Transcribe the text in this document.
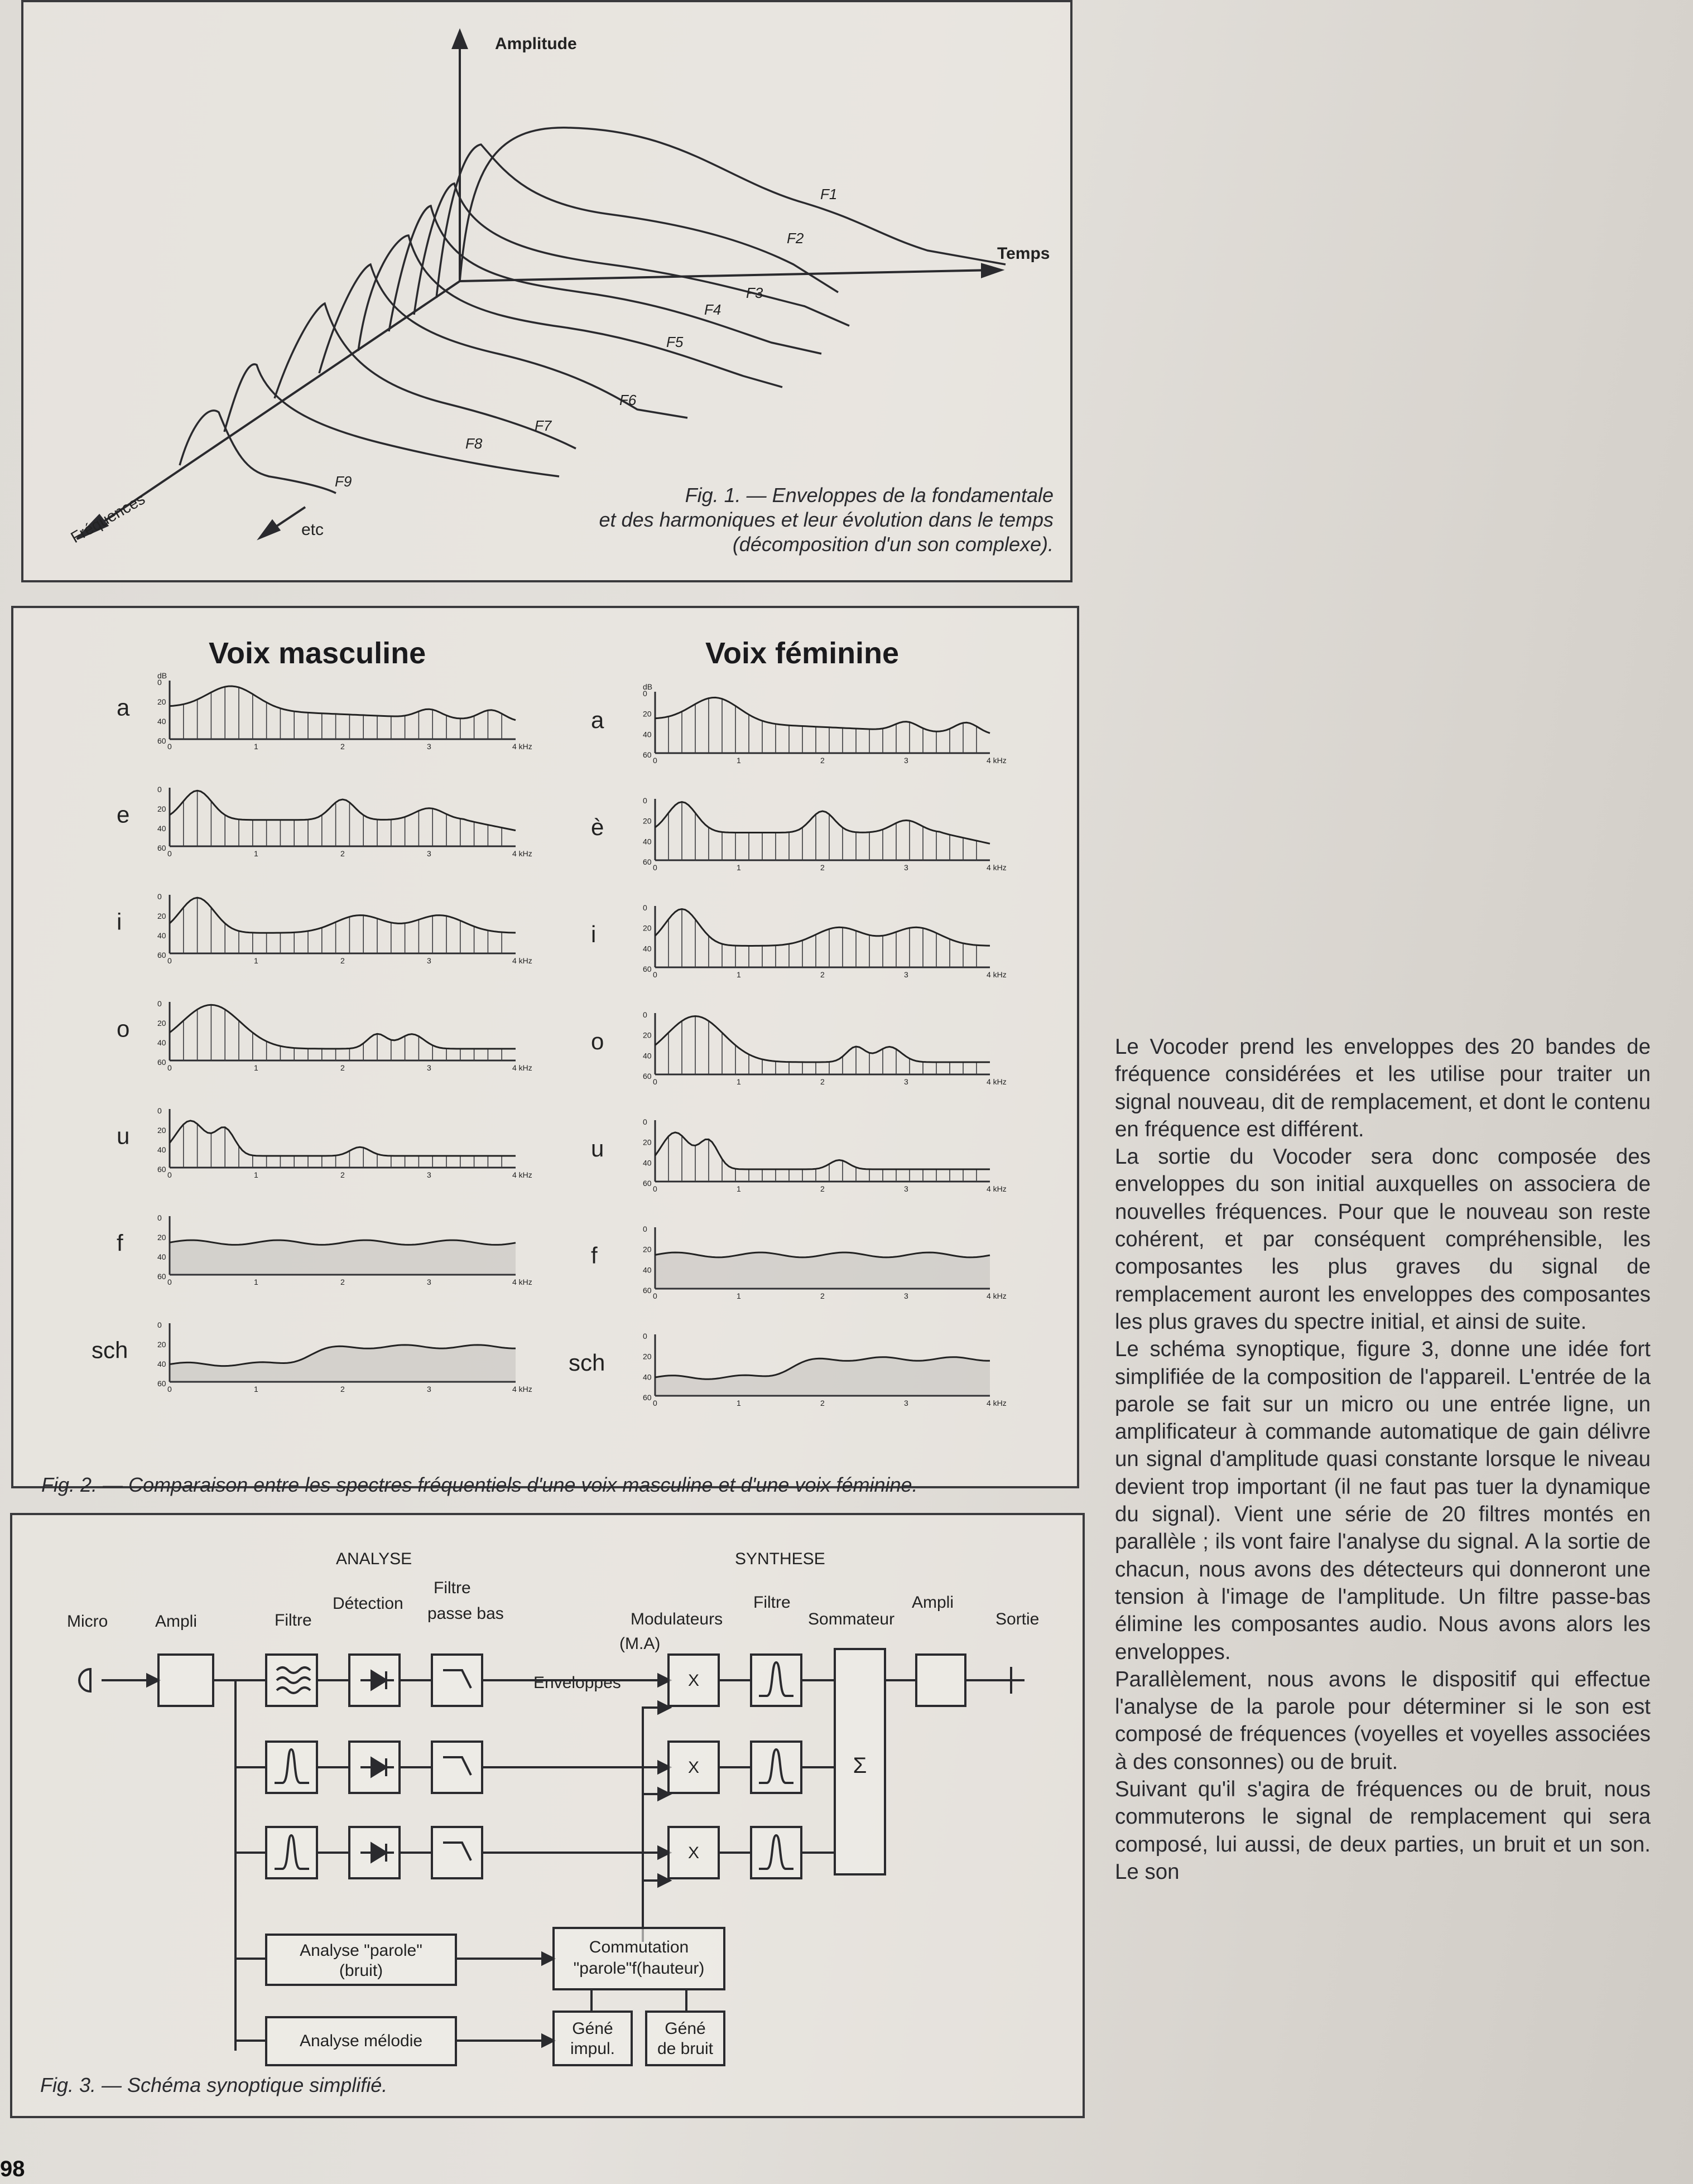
Amplitude
Temps
Fréquences	etc
F1
F2
F3
F4
F5
F6
F7
F8
F9
Fig. 1. — Enveloppes de la fondamentale
et des harmoniques et leur évolution dans le temps
(décomposition d'un son complexe).
Voix masculine	Voix féminine
dB
0
20
40
60
0	1	2	3	4 kHz
a
0
20
40
60
0	1	2	3	4 kHz
e
0
20
40
60
0	1	2	3	4 kHz
i
0
20
40
60
0	1	2	3	4 kHz
o
0
20
40
60
0	1	2	3	4 kHz
u
0
20
40
60
0	1	2	3	4 kHz
f
0
20
40
60
0	1	2	3	4 kHz
sch
dB
0
20
40
60
0	1	2	3	4 kHz
a
0
20
40
60
0	1	2	3	4 kHz
è
0
20
40
60
0	1	2	3	4 kHz
i
0
20
40
60
0	1	2	3	4 kHz
o
0
20
40
60
0	1	2	3	4 kHz
u
0
20
40
60
0	1	2	3	4 kHz
f
0
20
40
60
0	1	2	3	4 kHz
sch
Fig. 2. — Comparaison entre les spectres fréquentiels d'une voix masculine et d'une voix féminine.
ANALYSE	SYNTHESE
Micro	Ampli	Filtre
Détection
Filtre
passe bas	Modulateurs
(M.A)
Filtre
Sommateur
Ampli
Sortie
Enveloppes	X
X
X
Σ
Analyse "parole"
(bruit)
Commutation
"parole"f(hauteur)
Analyse mélodie
Géné
impul.
Géné
de bruit
Fig. 3. — Schéma synoptique simplifié.

Le Vocoder prend les enveloppes des 20 bandes de fréquence considérées et les utilise pour traiter un signal nouveau, dit de remplacement, et dont le contenu en fréquence est différent.

La sortie du Vocoder sera donc composée des enveloppes du son initial auxquelles on associera de nouvelles fréquences. Pour que le nouveau son reste cohérent, et par conséquent compréhensible, les composantes les plus graves du signal de remplacement auront les enveloppes des composantes les plus graves du spectre initial, et ainsi de suite.

Le schéma synoptique, figure 3, donne une idée fort simplifiée de la composition de l'appareil. L'entrée de la parole se fait sur un micro ou une entrée ligne, un amplificateur à commande automatique de gain délivre un signal d'amplitude quasi constante lorsque le niveau devient trop important (il ne faut pas tuer la dynamique du signal). Vient une série de 20 filtres montés en parallèle ; ils vont faire l'analyse du signal. A la sortie de chacun, nous avons des détecteurs qui donneront une tension à l'image de l'amplitude. Un filtre passe-bas élimine les composantes audio. Nous avons alors les enveloppes.

Parallèlement, nous avons le dispositif qui effectue l'analyse de la parole pour déterminer si le son est composé de fréquences (voyelles et voyelles associées à des consonnes) ou de bruit.

Suivant qu'il s'agira de fréquences ou de bruit, nous commuterons le signal de remplacement qui sera composé, lui aussi, de deux parties, un bruit et un son. Le son

98
